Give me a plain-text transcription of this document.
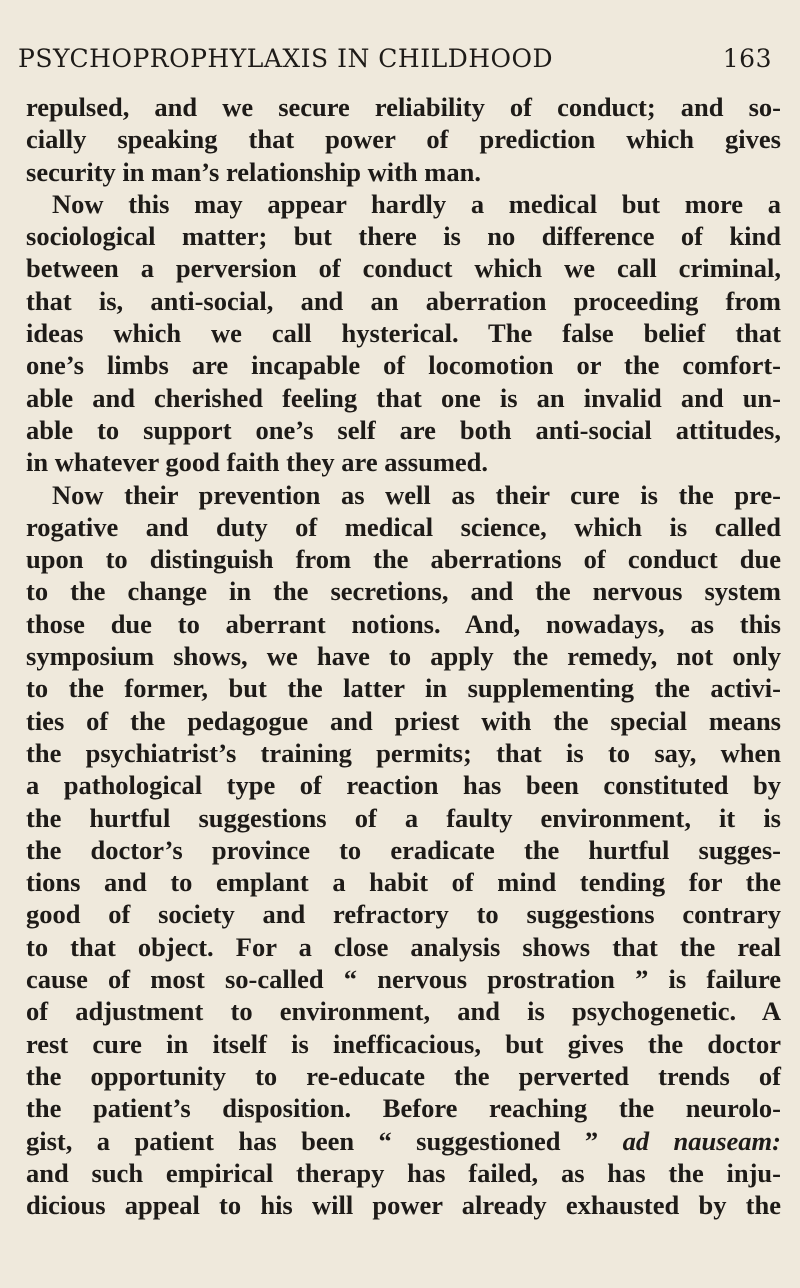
PSYCHOPROPHYLAXIS IN CHILDHOOD	163
repulsed, and we secure reliability of conduct; and so-
cially speaking that power of prediction which gives
security in man’s relationship with man.
Now this may appear hardly a medical but more a
sociological matter; but there is no difference of kind
between a perversion of conduct which we call criminal,
that is, anti-social, and an aberration proceeding from
ideas which we call hysterical. The false belief that
one’s limbs are incapable of locomotion or the comfort-
able and cherished feeling that one is an invalid and un-
able to support one’s self are both anti-social attitudes,
in whatever good faith they are assumed.
Now their prevention as well as their cure is the pre-
rogative and duty of medical science, which is called
upon to distinguish from the aberrations of conduct due
to the change in the secretions, and the nervous system
those due to aberrant notions. And, nowadays, as this
symposium shows, we have to apply the remedy, not only
to the former, but the latter in supplementing the activi-
ties of the pedagogue and priest with the special means
the psychiatrist’s training permits; that is to say, when
a pathological type of reaction has been constituted by
the hurtful suggestions of a faulty environment, it is
the doctor’s province to eradicate the hurtful sugges-
tions and to emplant a habit of mind tending for the
good of society and refractory to suggestions contrary
to that object. For a close analysis shows that the real
cause of most so-called “ nervous prostration ” is failure
of adjustment to environment, and is psychogenetic. A
rest cure in itself is inefficacious, but gives the doctor
the opportunity to re-educate the perverted trends of
the patient’s disposition. Before reaching the neurolo-
gist, a patient has been “ suggestioned ” ad nauseam:
and such empirical therapy has failed, as has the inju-
dicious appeal to his will power already exhausted by the
